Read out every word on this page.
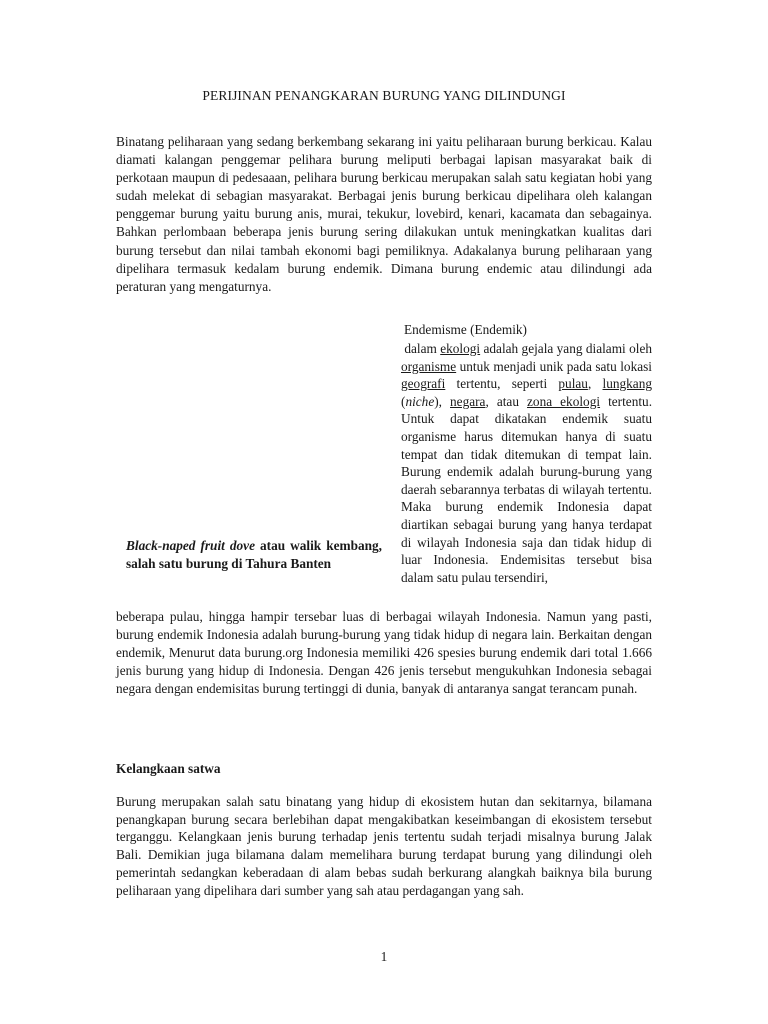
PERIJINAN PENANGKARAN BURUNG YANG DILINDUNGI

Binatang peliharaan yang sedang berkembang sekarang ini yaitu peliharaan burung berkicau. Kalau diamati kalangan penggemar pelihara burung meliputi berbagai lapisan masyarakat baik di perkotaan maupun di pedesaaan, pelihara burung berkicau merupakan salah satu kegiatan hobi yang sudah melekat di sebagian masyarakat. Berbagai jenis burung berkicau dipelihara oleh kalangan penggemar burung yaitu burung anis, murai, tekukur, lovebird, kenari, kacamata dan sebagainya. Bahkan perlombaan beberapa jenis burung sering dilakukan untuk meningkatkan kualitas dari burung tersebut dan nilai tambah ekonomi bagi pemiliknya. Adakalanya burung peliharaan yang dipelihara termasuk kedalam burung endemik. Dimana burung endemic atau dilindungi ada peraturan yang mengaturnya.

Black-naped fruit dove atau walik kembang, salah satu burung di Tahura Banten

Endemisme (Endemik)

dalam ekologi adalah gejala yang dialami oleh organisme untuk menjadi unik pada satu lokasi geografi tertentu, seperti pulau, lungkang (niche), negara, atau zona ekologi tertentu. Untuk dapat dikatakan endemik suatu organisme harus ditemukan hanya di suatu tempat dan tidak ditemukan di tempat lain. Burung endemik adalah burung-burung yang daerah sebarannya terbatas di wilayah tertentu. Maka burung endemik Indonesia dapat diartikan sebagai burung yang hanya terdapat di wilayah Indonesia saja dan tidak hidup di luar Indonesia. Endemisitas tersebut bisa dalam satu pulau tersendiri,

beberapa pulau, hingga hampir tersebar luas di berbagai wilayah Indonesia. Namun yang pasti, burung endemik Indonesia adalah burung-burung yang tidak hidup di negara lain. Berkaitan dengan endemik, Menurut data burung.org Indonesia memiliki 426 spesies burung endemik dari total 1.666 jenis burung yang hidup di Indonesia. Dengan 426 jenis tersebut mengukuhkan Indonesia sebagai negara dengan endemisitas burung tertinggi di dunia, banyak di antaranya sangat terancam punah.

Kelangkaan satwa

Burung merupakan salah satu binatang yang hidup di ekosistem hutan dan sekitarnya, bilamana penangkapan burung secara berlebihan dapat mengakibatkan keseimbangan di ekosistem tersebut terganggu. Kelangkaan jenis burung terhadap jenis tertentu sudah terjadi misalnya burung Jalak Bali. Demikian juga bilamana dalam memelihara burung terdapat burung yang dilindungi oleh pemerintah sedangkan keberadaan di alam bebas sudah berkurang alangkah baiknya bila burung peliharaan yang dipelihara dari sumber yang sah atau perdagangan yang sah.

1
